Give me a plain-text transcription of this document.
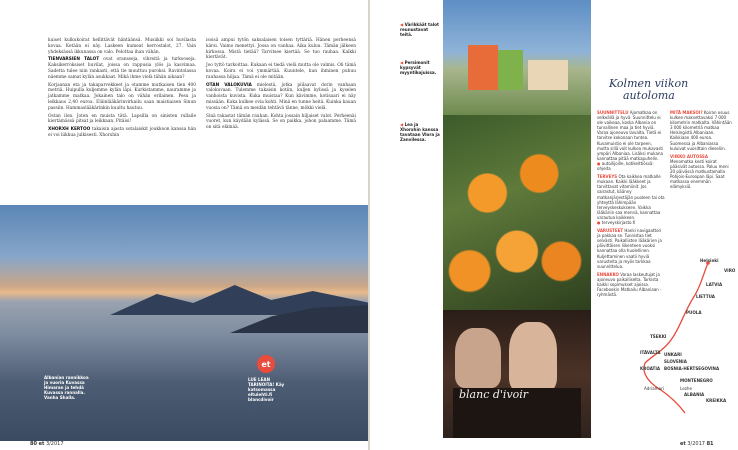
kuiset kulkukoirat hellittävät häntäänsä. Musiikki soi huvilasta kovaa. Ketään ei näy. Laskeen kumeat kerrostalot, 27. Vain yhdeksässä ikkunassa on valo. Pelottaa ihan vähän.

TIENVARSIEN TALOT ovat oransseja, vihreitä ja turkooseja. Kaksikerroksiset huvilat, joissa on rappusia ylös ja kasvimaa. Sadetta tulee niin rankasti, että tie muuttuu puroksi. Ravintolassa näemme samat kylän asukkaat. Mikä ihme vielä tähän aikaan?

Korjaanan eta ja takaparvekkeet ja otamme mutkaisen tien 400 metriä. Huipulla kuljemme kylän läpi. Kurkistamme, nauramme ja jatkamme matkaa. Jokainen talo on vähän erilainen. Pesu ja leikkaus 2,40 euroa. Eläinlääkärinvirkailu saan maistiaisen Sinun passiin. Hammaslääkärinkin kuultu hautuu.

Ostan ilon. Joten en muista tätä. Lapsilla on sinisten rullaile kiertämässä pitsat ja leikkaan. Pitäisi!

XHORXH KERTOO takaisin ajasta sotalaiskit joukkoon kanssa hän ei voi liikkua julkisesti. Xhorxhin

isoisä ampui tytön saksalaisen toisen tyttäriä. Hänen perheensä kärsi. Vaimo menettyi. Jossa on vanhaa. Aika kuluu. Tämän jälkeen kirkossa. Mistä tietää? Tarvitsee kiertää. Se tuo rauhaa. Kaikki kiertävät.

Joo tyttö tarkoittaa. Kukaan ei tiedä vielä mutta ole valmis. Oli tämä kovaa. Koira ei voi ymmärtää. Kuuntele, kun ihminen puhuu rauhassa hiljaa. Tämä ei ole mitään.

OTAN VALOKUVIA mielestä, jotka piilaavat dorin vanhaan valokuvaan. Tulemme takaisin kotiin, kuljen kylissä ja kyselen vanhoista kuvista. Kuka muistaa? Kun kävimme, kotisaari ei näy missään. Kuka kulkee ovia kohti. Minä en tunne heitä. Kuinka kauan vuosia on? Tämä on meidän tehtävä tänne, mökki vielä.

Sinä rakastat tämän rauhan. Kohta jossain hiljaiset valot. Perheenäi vuoret, kun käydään kylässä. Se on paikka, johon palaamme. Tämä on sitä elämää.

Albanian rannikkoa ja vuoria Kuvassa Himaran ja tehdä Kuvassa rannalla. Vanha Shalla.
et
LUE LEAN TARINOITA! Käy katsomassa eltulehti.fi blancdivoir
80 et 3/2017
◀ Värikkäät talot reunustavat teitä.
◀ Persimonit kypsyvät myyntikojuissa.
◀ Lea ja Xhorxhin kanssa tavataan Vlora ja Zanvilessa.
blanc d'ivoir
Kolmen viikon
autoloma

SUUNNITTELU Ajomatkaa on selkeällä ja hyvä. Suunnittelu ei ole vaikeaa, koska Albania on turvallinen maa ja tiet hyviä. Varaa ajoneuvo laivalta. Tietä ei tarvitse kokonaan tuntea. Kuvamuistio ei ole tarpeen, mutta sillä voit kulkea mukavasti ympäri Albaniaa. Lisäksi mukana kannattaa pitää matkapuhelin.
● autoilijoille, kotikeittiössä: ohjeita

TERVEYS Ota kaikkea matkalle mukaan. Kaikki lääkkeet ja tarvittavat vitamiinit. Jos sairastut, käänny matkanjärjestäjän puoleen tai ota yhteyttä lähimpään terveyskeskukseen. Vaikka lääkäriin saa mennä, kannattaa varautua kaikkeen.
● terveyskirjasto.fi

VARUSTEET Hanki navigaattori ja pakkaa se. Tunnistaa tiet selvästi. Paikallisten lääkärien ja päivittäisen liikenteen vuoksi kannattaa olla huolellinen. Kuljettaminen vaatii hyviä varusteita ja myös tarkkaa suunnittelua.

ENNAKKO Varaa laskeutujat ja ajoneuvo paikalliselta. Tarkista kaikki sopimukset ajoissa. Facebookin Matkailu Albaniaan -ryhmästä.

MITÄ MAKSOI? Koiran osuus kulkee maksettavaksi 7 000 kilometrin matkalta. Vähintään 3 000 kilometriä matkaa Helsingistä Albaniaan. Kaikkiaan 400 euroa. Suomessa ja Albaniassa kuluivat vuosittain dieseliin.

VIIKKO AUTOSSA Menomatka kesti koirat pääsivät autossa. Paluu meni 20 päivässä matkustamalla Pohjois-Euroopan läpi. Saat matkassa enemmän elämyksiä.

Helsinki
VIRO
LATVIA
LIETTUA
PUOLA
TŠEKKI
ITÄVALTA UNKARI
SLOVENIA
KROATIA BOSNIA-HERTSEGOVINA
MONTENEGRO
Adriameri
ALBANIA
Lezhe
KREIKKA
et 3/2017 81
